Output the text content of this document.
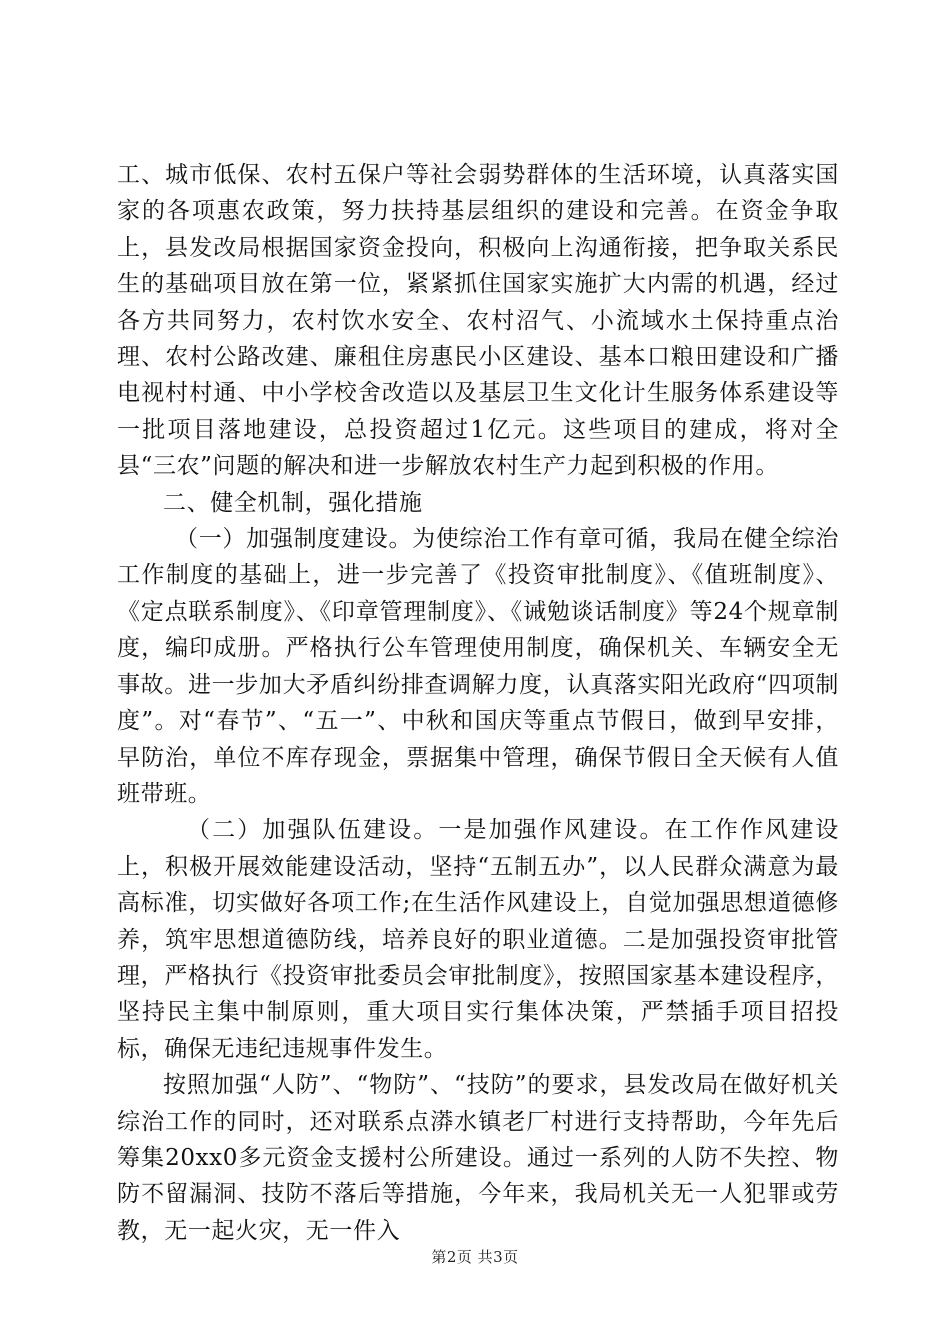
工、城市低保、农村五保户等社会弱势群体的生活环境，认真落实国家的各项惠农政策，努力扶持基层组织的建设和完善。在资金争取上，县发改局根据国家资金投向，积极向上沟通衔接，把争取关系民生的基础项目放在第一位，紧紧抓住国家实施扩大内需的机遇，经过各方共同努力，农村饮水安全、农村沼气、小流域水土保持重点治理、农村公路改建、廉租住房惠民小区建设、基本口粮田建设和广播电视村村通、中小学校舍改造以及基层卫生文化计生服务体系建设等一批项目落地建设，总投资超过1亿元。这些项目的建成，将对全县“三农”问题的解决和进一步解放农村生产力起到积极的作用。

二、健全机制，强化措施

（一）加强制度建设。为使综治工作有章可循，我局在健全综治工作制度的基础上，进一步完善了《投资审批制度》、《值班制度》、《定点联系制度》、《印章管理制度》、《诫勉谈话制度》等24个规章制度，编印成册。严格执行公车管理使用制度，确保机关、车辆安全无事故。进一步加大矛盾纠纷排查调解力度，认真落实阳光政府“四项制度”。对“春节”、“五一”、中秋和国庆等重点节假日，做到早安排，早防治，单位不库存现金，票据集中管理，确保节假日全天候有人值班带班。

（二）加强队伍建设。一是加强作风建设。在工作作风建设上，积极开展效能建设活动，坚持“五制五办”，以人民群众满意为最高标准，切实做好各项工作;在生活作风建设上，自觉加强思想道德修养，筑牢思想道德防线，培养良好的职业道德。二是加强投资审批管理，严格执行《投资审批委员会审批制度》，按照国家基本建设程序，坚持民主集中制原则，重大项目实行集体决策，严禁插手项目招投标，确保无违纪违规事件发生。

按照加强“人防”、“物防”、“技防”的要求，县发改局在做好机关综治工作的同时，还对联系点漭水镇老厂村进行支持帮助，今年先后筹集20xx0多元资金支援村公所建设。通过一系列的人防不失控、物防不留漏洞、技防不落后等措施，今年来，我局机关无一人犯罪或劳教，无一起火灾，无一件入

第2页 共3页
